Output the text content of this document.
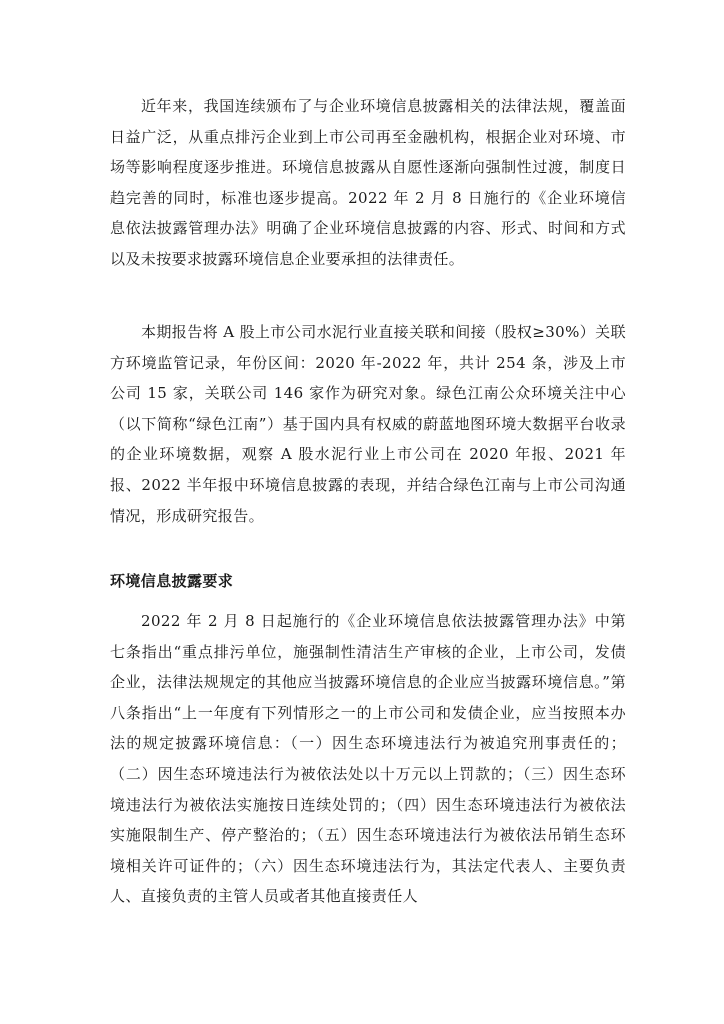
近年来，我国连续颁布了与企业环境信息披露相关的法律法规，覆盖面日益广泛，从重点排污企业到上市公司再至金融机构，根据企业对环境、市场等影响程度逐步推进。环境信息披露从自愿性逐渐向强制性过渡，制度日趋完善的同时，标准也逐步提高。2022 年 2 月 8 日施行的《企业环境信息依法披露管理办法》明确了企业环境信息披露的内容、形式、时间和方式以及未按要求披露环境信息企业要承担的法律责任。

本期报告将 A 股上市公司水泥行业直接关联和间接（股权≥30%）关联方环境监管记录，年份区间：2020 年-2022 年，共计 254 条，涉及上市公司 15 家，关联公司 146 家作为研究对象。绿色江南公众环境关注中心（以下简称“绿色江南”）基于国内具有权威的蔚蓝地图环境大数据平台收录的企业环境数据，观察 A 股水泥行业上市公司在 2020 年报、2021 年报、2022 半年报中环境信息披露的表现，并结合绿色江南与上市公司沟通情况，形成研究报告。

环境信息披露要求

2022 年 2 月 8 日起施行的《企业环境信息依法披露管理办法》中第七条指出“重点排污单位，施强制性清洁生产审核的企业，上市公司，发债企业，法律法规规定的其他应当披露环境信息的企业应当披露环境信息。”第八条指出“上一年度有下列情形之一的上市公司和发债企业，应当按照本办法的规定披露环境信息：（一）因生态环境违法行为被追究刑事责任的；（二）因生态环境违法行为被依法处以十万元以上罚款的；（三）因生态环境违法行为被依法实施按日连续处罚的；（四）因生态环境违法行为被依法实施限制生产、停产整治的；（五）因生态环境违法行为被依法吊销生态环境相关许可证件的；（六）因生态环境违法行为，其法定代表人、主要负责人、直接负责的主管人员或者其他直接责任人
